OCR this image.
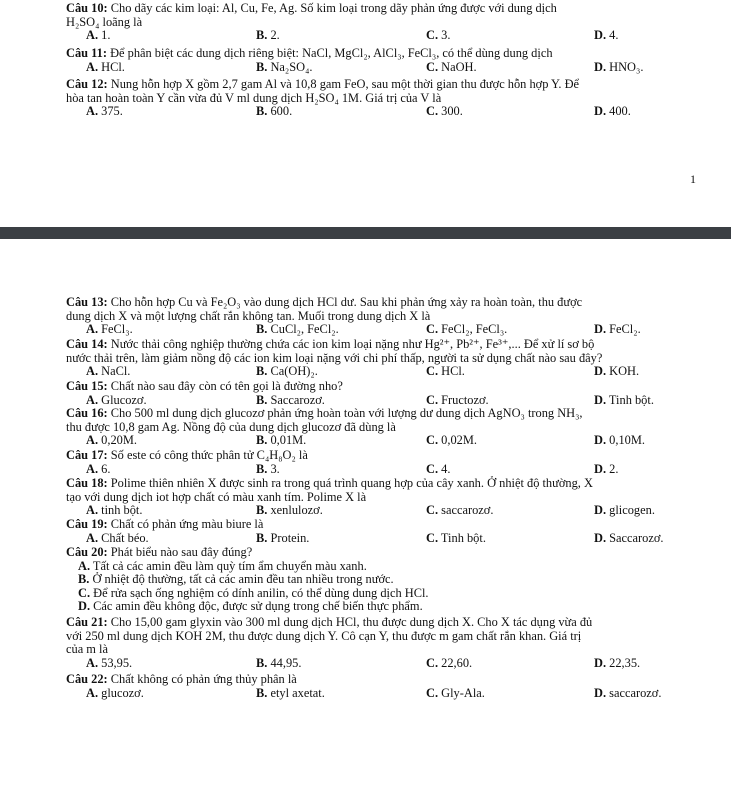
Câu 10: Cho dãy các kim loại: Al, Cu, Fe, Ag. Số kim loại trong dãy phản ứng được với dung dịch

H₂SO₄ loãng là

A. 1.	B. 2.	C. 3.	D. 4.

Câu 11: Để phân biệt các dung dịch riêng biệt: NaCl, MgCl₂, AlCl₃, FeCl₃, có thể dùng dung dịch

A. HCl.	B. Na₂SO₄.	C. NaOH.	D. HNO₃.

Câu 12: Nung hỗn hợp X gồm 2,7 gam Al và 10,8 gam FeO, sau một thời gian thu được hỗn hợp Y. Để

hòa tan hoàn toàn Y cần vừa đủ V ml dung dịch H₂SO₄ 1M. Giá trị của V là

A. 375.	B. 600.	C. 300.	D. 400.
1

Câu 13: Cho hỗn hợp Cu và Fe₂O₃ vào dung dịch HCl dư. Sau khi phản ứng xảy ra hoàn toàn, thu được

dung dịch X và một lượng chất rắn không tan. Muối trong dung dịch X là

A. FeCl₃.	B. CuCl₂, FeCl₂.	C. FeCl₂, FeCl₃.	D. FeCl₂.

Câu 14: Nước thải công nghiệp thường chứa các ion kim loại nặng như Hg²⁺, Pb²⁺, Fe³⁺,... Để xử lí sơ bộ

nước thải trên, làm giảm nồng độ các ion kim loại nặng với chi phí thấp, người ta sử dụng chất nào sau đây?

A. NaCl.	B. Ca(OH)₂.	C. HCl.	D. KOH.

Câu 15: Chất nào sau đây còn có tên gọi là đường nho?

A. Glucozơ.	B. Saccarozơ.	C. Fructozơ.	D. Tinh bột.

Câu 16: Cho 500 ml dung dịch glucozơ phản ứng hoàn toàn với lượng dư dung dịch AgNO₃ trong NH₃,

thu được 10,8 gam Ag. Nồng độ của dung dịch glucozơ đã dùng là

A. 0,20M.	B. 0,01M.	C. 0,02M.	D. 0,10M.

Câu 17: Số este có công thức phân tử C₄H₈O₂ là

A. 6.	B. 3.	C. 4.	D. 2.

Câu 18: Polime thiên nhiên X được sinh ra trong quá trình quang hợp của cây xanh. Ở nhiệt độ thường, X

tạo với dung dịch iot hợp chất có màu xanh tím. Polime X là

A. tinh bột.	B. xenlulozơ.	C. saccarozơ.	D. glicogen.

Câu 19: Chất có phản ứng màu biure là

A. Chất béo.	B. Protein.	C. Tinh bột.	D. Saccarozơ.

Câu 20: Phát biểu nào sau đây đúng?

A. Tất cả các amin đều làm quỳ tím ẩm chuyển màu xanh.

B. Ở nhiệt độ thường, tất cả các amin đều tan nhiều trong nước.

C. Để rửa sạch ống nghiệm có dính anilin, có thể dùng dung dịch HCl.

D. Các amin đều không độc, được sử dụng trong chế biến thực phẩm.

Câu 21: Cho 15,00 gam glyxin vào 300 ml dung dịch HCl, thu được dung dịch X. Cho X tác dụng vừa đủ

với 250 ml dung dịch KOH 2M, thu được dung dịch Y. Cô cạn Y, thu được m gam chất rắn khan. Giá trị

của m là

A. 53,95.	B. 44,95.	C. 22,60.	D. 22,35.

Câu 22: Chất không có phản ứng thủy phân là

A. glucozơ.	B. etyl axetat.	C. Gly-Ala.	D. saccarozơ.
